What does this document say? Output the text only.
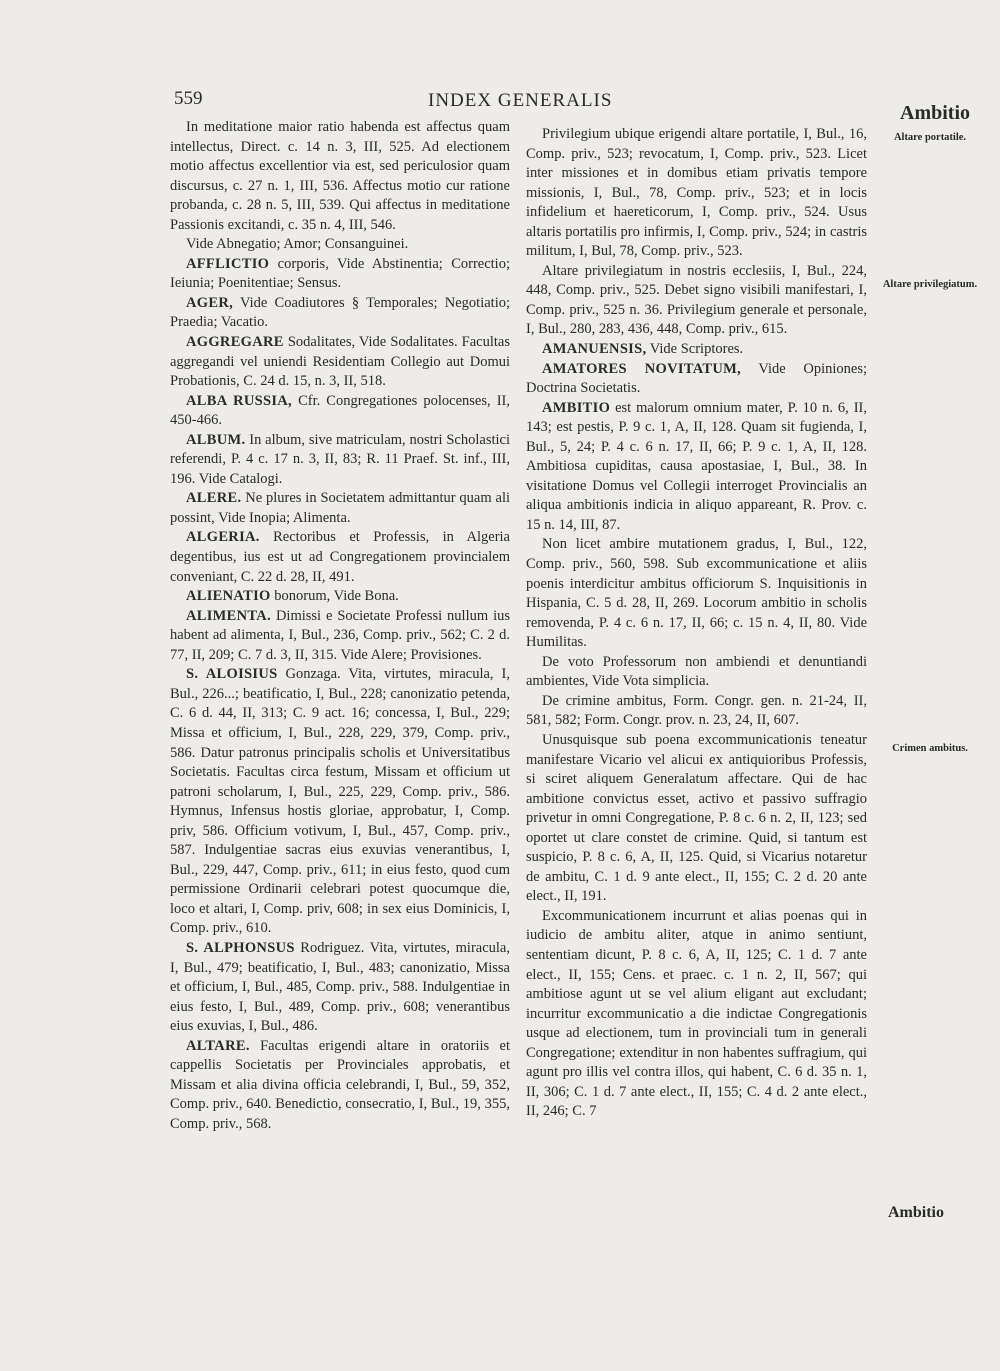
559	INDEX GENERALIS
Ambitio

In meditatione maior ratio habenda est affectus quam intellectus, Direct. c. 14 n. 3, III, 525. Ad electionem motio affectus excellentior via est, sed periculosior quam discursus, c. 27 n. 1, III, 536. Affectus motio cur ratione probanda, c. 28 n. 5, III, 539. Qui affectus in meditatione Passionis excitandi, c. 35 n. 4, III, 546.

Vide Abnegatio; Amor; Consanguinei.

AFFLICTIO corporis, Vide Abstinentia; Correctio; Ieiunia; Poenitentiae; Sensus.

AGER, Vide Coadiutores § Temporales; Negotiatio; Praedia; Vacatio.

AGGREGARE Sodalitates, Vide Sodalitates. Facultas aggregandi vel uniendi Residentiam Collegio aut Domui Probationis, C. 24 d. 15, n. 3, II, 518.

ALBA RUSSIA, Cfr. Congregationes polocenses, II, 450-466.

ALBUM. In album, sive matriculam, nostri Scholastici referendi, P. 4 c. 17 n. 3, II, 83; R. 11 Praef. St. inf., III, 196. Vide Catalogi.

ALERE. Ne plures in Societatem admittantur quam ali possint, Vide Inopia; Alimenta.

ALGERIA. Rectoribus et Professis, in Algeria degentibus, ius est ut ad Congregationem provincialem conveniant, C. 22 d. 28, II, 491.

ALIENATIO bonorum, Vide Bona.

ALIMENTA. Dimissi e Societate Professi nullum ius habent ad alimenta, I, Bul., 236, Comp. priv., 562; C. 2 d. 77, II, 209; C. 7 d. 3, II, 315. Vide Alere; Provisiones.

S. ALOISIUS Gonzaga. Vita, virtutes, miracula, I, Bul., 226...; beatificatio, I, Bul., 228; canonizatio petenda, C. 6 d. 44, II, 313; C. 9 act. 16; concessa, I, Bul., 229; Missa et officium, I, Bul., 228, 229, 379, Comp. priv., 586. Datur patronus principalis scholis et Universitatibus Societatis. Facultas circa festum, Missam et officium ut patroni scholarum, I, Bul., 225, 229, Comp. priv., 586. Hymnus, Infensus hostis gloriae, approbatur, I, Comp. priv, 586. Officium votivum, I, Bul., 457, Comp. priv., 587. Indulgentiae sacras eius exuvias venerantibus, I, Bul., 229, 447, Comp. priv., 611; in eius festo, quod cum permissione Ordinarii celebrari potest quocumque die, loco et altari, I, Comp. priv, 608; in sex eius Dominicis, I, Comp. priv., 610.

S. ALPHONSUS Rodriguez. Vita, virtutes, miracula, I, Bul., 479; beatificatio, I, Bul., 483; canonizatio, Missa et officium, I, Bul., 485, Comp. priv., 588. Indulgentiae in eius festo, I, Bul., 489, Comp. priv., 608; venerantibus eius exuvias, I, Bul., 486.

ALTARE. Facultas erigendi altare in oratoriis et cappellis Societatis per Provinciales approbatis, et Missam et alia divina officia celebrandi, I, Bul., 59, 352, Comp. priv., 640. Benedictio, consecratio, I, Bul., 19, 355, Comp. priv., 568.

Privilegium ubique erigendi altare portatile, I, Bul., 16, Comp. priv., 523; revocatum, I, Comp. priv., 523. Licet inter missiones et in domibus etiam privatis tempore missionis, I, Bul., 78, Comp. priv., 523; et in locis infidelium et haereticorum, I, Comp. priv., 524. Usus altaris portatilis pro infirmis, I, Comp. priv., 524; in castris militum, I, Bul, 78, Comp. priv., 523.

Altare privilegiatum in nostris ecclesiis, I, Bul., 224, 448, Comp. priv., 525. Debet signo visibili manifestari, I, Comp. priv., 525 n. 36. Privilegium generale et personale, I, Bul., 280, 283, 436, 448, Comp. priv., 615.

AMANUENSIS, Vide Scriptores.

AMATORES NOVITATUM, Vide Opiniones; Doctrina Societatis.

AMBITIO est malorum omnium mater, P. 10 n. 6, II, 143; est pestis, P. 9 c. 1, A, II, 128. Quam sit fugienda, I, Bul., 5, 24; P. 4 c. 6 n. 17, II, 66; P. 9 c. 1, A, II, 128. Ambitiosa cupiditas, causa apostasiae, I, Bul., 38. In visitatione Domus vel Collegii interroget Provincialis an aliqua ambitionis indicia in aliquo appareant, R. Prov. c. 15 n. 14, III, 87.

Non licet ambire mutationem gradus, I, Bul., 122, Comp. priv., 560, 598. Sub excommunicatione et aliis poenis interdicitur ambitus officiorum S. Inquisitionis in Hispania, C. 5 d. 28, II, 269. Locorum ambitio in scholis removenda, P. 4 c. 6 n. 17, II, 66; c. 15 n. 4, II, 80. Vide Humilitas.

De voto Professorum non ambiendi et denuntiandi ambientes, Vide Vota simplicia.

De crimine ambitus, Form. Congr. gen. n. 21-24, II, 581, 582; Form. Congr. prov. n. 23, 24, II, 607.

Unusquisque sub poena excommunicationis teneatur manifestare Vicario vel alicui ex antiquioribus Professis, si sciret aliquem Generalatum affectare. Qui de hac ambitione convictus esset, activo et passivo suffragio privetur in omni Congregatione, P. 8 c. 6 n. 2, II, 123; sed oportet ut clare constet de crimine. Quid, si tantum est suspicio, P. 8 c. 6, A, II, 125. Quid, si Vicarius notaretur de ambitu, C. 1 d. 9 ante elect., II, 155; C. 2 d. 20 ante elect., II, 191.

Excommunicationem incurrunt et alias poenas qui in iudicio de ambitu aliter, atque in animo sentiunt, sententiam dicunt, P. 8 c. 6, A, II, 125; C. 1 d. 7 ante elect., II, 155; Cens. et praec. c. 1 n. 2, II, 567; qui ambitiose agunt ut se vel alium eligant aut excludant; incurritur excommunicatio a die indictae Congregationis usque ad electionem, tum in provinciali tum in generali Congregatione; extenditur in non habentes suffragium, qui agunt pro illis vel contra illos, qui habent, C. 6 d. 35 n. 1, II, 306; C. 1 d. 7 ante elect., II, 155; C. 4 d. 2 ante elect., II, 246; C. 7

Altare portatile.
Altare privilegiatum.
Crimen ambitus.
Ambitio
